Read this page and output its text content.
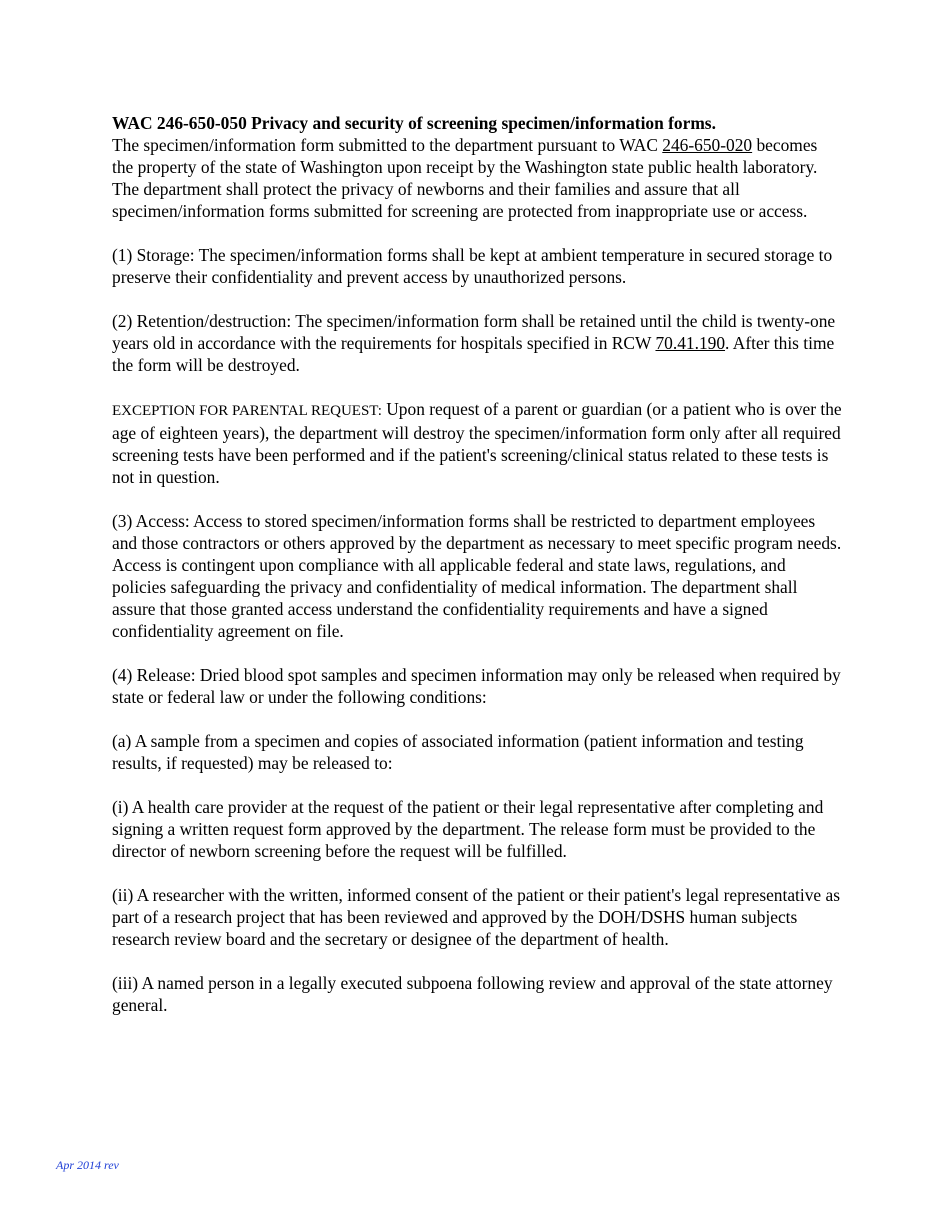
WAC 246-650-050 Privacy and security of screening specimen/information forms.
The specimen/information form submitted to the department pursuant to WAC 246-650-020 becomes the property of the state of Washington upon receipt by the Washington state public health laboratory. The department shall protect the privacy of newborns and their families and assure that all specimen/information forms submitted for screening are protected from inappropriate use or access.

(1) Storage: The specimen/information forms shall be kept at ambient temperature in secured storage to preserve their confidentiality and prevent access by unauthorized persons.

(2) Retention/destruction: The specimen/information form shall be retained until the child is twenty-one years old in accordance with the requirements for hospitals specified in RCW 70.41.190. After this time the form will be destroyed.

EXCEPTION FOR PARENTAL REQUEST: Upon request of a parent or guardian (or a patient who is over the age of eighteen years), the department will destroy the specimen/information form only after all required screening tests have been performed and if the patient's screening/clinical status related to these tests is not in question.

(3) Access: Access to stored specimen/information forms shall be restricted to department employees and those contractors or others approved by the department as necessary to meet specific program needs. Access is contingent upon compliance with all applicable federal and state laws, regulations, and policies safeguarding the privacy and confidentiality of medical information. The department shall assure that those granted access understand the confidentiality requirements and have a signed confidentiality agreement on file.

(4) Release: Dried blood spot samples and specimen information may only be released when required by state or federal law or under the following conditions:

(a) A sample from a specimen and copies of associated information (patient information and testing results, if requested) may be released to:

(i) A health care provider at the request of the patient or their legal representative after completing and signing a written request form approved by the department. The release form must be provided to the director of newborn screening before the request will be fulfilled.

(ii) A researcher with the written, informed consent of the patient or their patient's legal representative as part of a research project that has been reviewed and approved by the DOH/DSHS human subjects research review board and the secretary or designee of the department of health.

(iii) A named person in a legally executed subpoena following review and approval of the state attorney general.

Apr 2014 rev
